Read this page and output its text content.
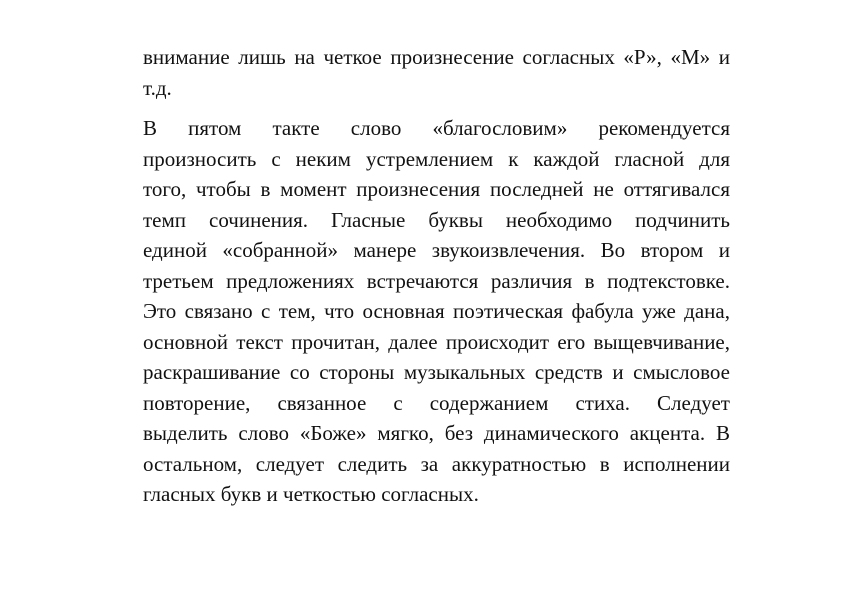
внимание лишь на четкое произнесение согласных «Р», «М» и
т.д.

В пятом такте слово «благословим» рекомендуется
произносить с неким устремлением к каждой гласной для
того, чтобы в момент произнесения последней не оттягивался
темп сочинения. Гласные буквы необходимо подчинить
единой «собранной» манере звукоизвлечения. Во втором и
третьем предложениях встречаются различия в подтекстовке.
Это связано с тем, что основная поэтическая фабула уже дана,
основной текст прочитан, далее происходит его выщевчивание,
раскрашивание со стороны музыкальных средств и смысловое
повторение, связанное с содержанием стиха. Следует
выделить слово «Боже» мягко, без динамического акцента. В
остальном, следует следить за аккуратностью в исполнении
гласных букв и четкостью согласных.
